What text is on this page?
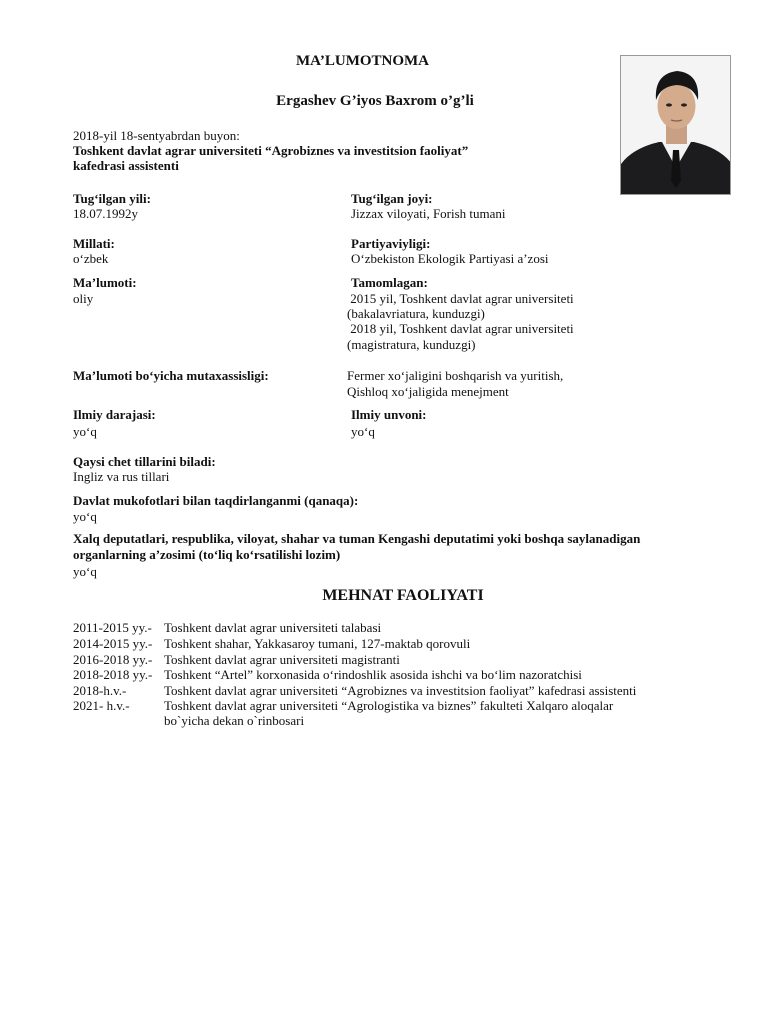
MA’LUMOTNOMA
Ergashev G’iyos Baxrom o’g’li
2018-yil 18-sentyabrdan buyon:
Toshkent davlat agrar universiteti “Agrobiznes va investitsion faoliyat”
kafedrasi assistenti
Tug‘ilgan yili:
18.07.1992y
Tug‘ilgan joyi:
Jizzax viloyati, Forish tumani
Millati:
o‘zbek
Partiyaviyligi:
O‘zbekiston Ekologik Partiyasi a’zosi
Ma’lumoti:
oliy
Tamomlagan:
2015 yil, Toshkent davlat agrar universiteti
(bakalavriatura, kunduzgi)
2018 yil, Toshkent davlat agrar universiteti
(magistratura, kunduzgi)
Ma’lumoti bo‘yicha mutaxassisligi:	Fermer xo‘jaligini boshqarish va yuritish,
Qishloq xo‘jaligida menejment
Ilmiy darajasi:
yo‘q
Ilmiy unvoni:
yo‘q
Qaysi chet tillarini biladi:
Ingliz va rus tillari
Davlat mukofotlari bilan taqdirlanganmi (qanaqa):
yo‘q
Xalq deputatlari, respublika, viloyat, shahar va tuman Kengashi deputatimi yoki boshqa saylanadigan
organlarning a’zosimi (to‘liq ko‘rsatilishi lozim)
yo‘q
MEHNAT FAOLIYATI
2011-2015 yy.- Toshkent davlat agrar universiteti talabasi
2014-2015 yy.- Toshkent shahar, Yakkasaroy tumani, 127-maktab qorovuli
2016-2018 yy.- Toshkent davlat agrar universiteti magistranti
2018-2018 yy.- Toshkent “Artel” korxonasida o‘rindoshlik asosida ishchi va bo‘lim nazoratchisi
2018-h.v.-	Toshkent davlat agrar universiteti “Agrobiznes va investitsion faoliyat” kafedrasi assistenti
2021- h.v.-	Toshkent davlat agrar universiteti “Agrologistika va biznes” fakulteti Xalqaro aloqalar
bo`yicha dekan o`rinbosari
